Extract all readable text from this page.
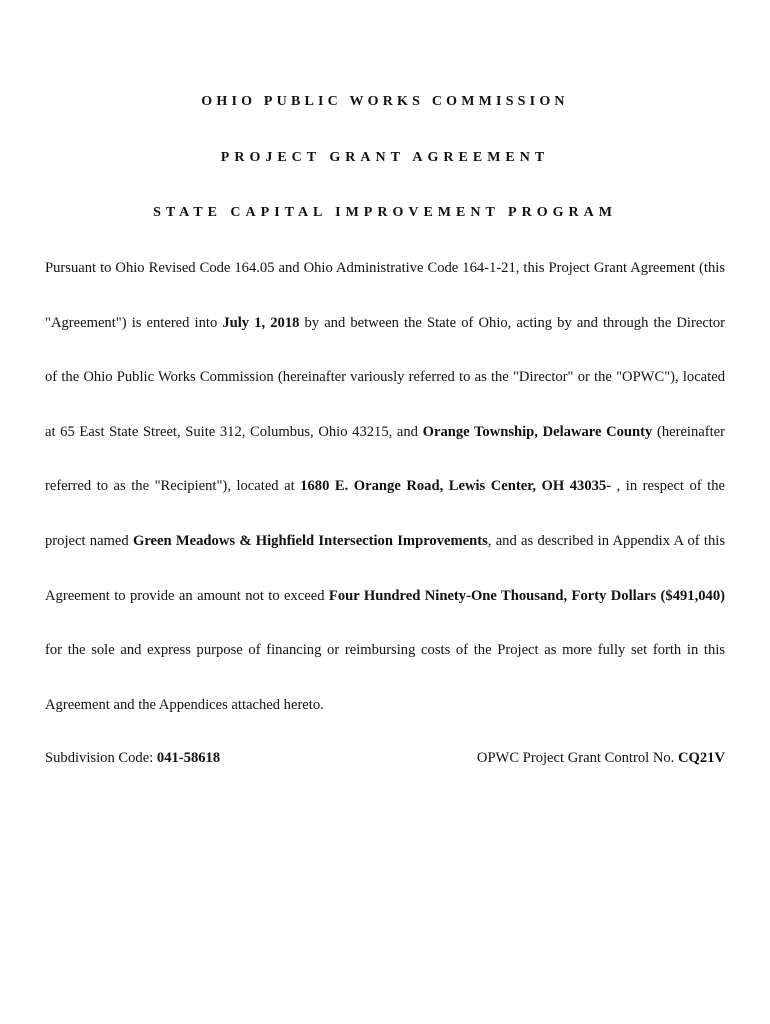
OHIO PUBLIC WORKS COMMISSION
PROJECT GRANT AGREEMENT
STATE CAPITAL IMPROVEMENT PROGRAM
Pursuant to Ohio Revised Code 164.05 and Ohio Administrative Code 164-1-21, this Project Grant Agreement (this
"Agreement") is entered into July 1, 2018 by and between the State of Ohio, acting by and through the Director
of the Ohio Public Works Commission (hereinafter variously referred to as the "Director" or the "OPWC"), located
at 65 East State Street, Suite 312, Columbus, Ohio 43215, and Orange Township, Delaware County (hereinafter
referred to as the "Recipient"), located at 1680 E. Orange Road, Lewis Center, OH 43035- , in respect of the
project named Green Meadows & Highfield Intersection Improvements, and as described in Appendix A of this
Agreement to provide an amount not to exceed Four Hundred Ninety-One Thousand, Forty Dollars ($491,040)
for the sole and express purpose of financing or reimbursing costs of the Project as more fully set forth in this
Agreement and the Appendices attached hereto.
Subdivision Code: 041-58618	OPWC Project Grant Control No. CQ21V
